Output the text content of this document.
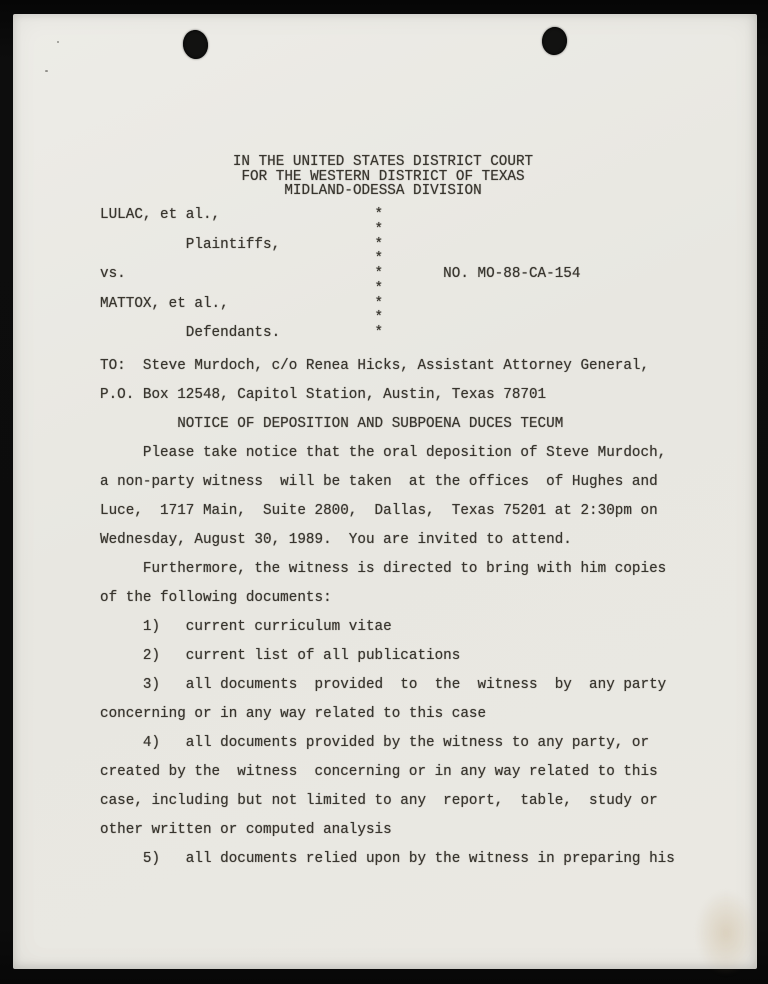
IN THE UNITED STATES DISTRICT COURT
FOR THE WESTERN DISTRICT OF TEXAS
MIDLAND-ODESSA DIVISION
LULAC, et al.,                  *
*
Plaintiffs,           *
*
vs.                             *       NO. MO-88-CA-154
*
MATTOX, et al.,                 *
*
Defendants.           *
TO:  Steve Murdoch, c/o Renea Hicks, Assistant Attorney General,
P.O. Box 12548, Capitol Station, Austin, Texas 78701
NOTICE OF DEPOSITION AND SUBPOENA DUCES TECUM
Please take notice that the oral deposition of Steve Murdoch,
a non-party witness  will be taken  at the offices  of Hughes and
Luce,  1717 Main,  Suite 2800,  Dallas,  Texas 75201 at 2:30pm on
Wednesday, August 30, 1989.  You are invited to attend.
Furthermore, the witness is directed to bring with him copies
of the following documents:
1)   current curriculum vitae
2)   current list of all publications
3)   all documents  provided  to  the  witness  by  any party
concerning or in any way related to this case
4)   all documents provided by the witness to any party, or
created by the  witness  concerning or in any way related to this
case, including but not limited to any  report,  table,  study or
other written or computed analysis
5)   all documents relied upon by the witness in preparing his
